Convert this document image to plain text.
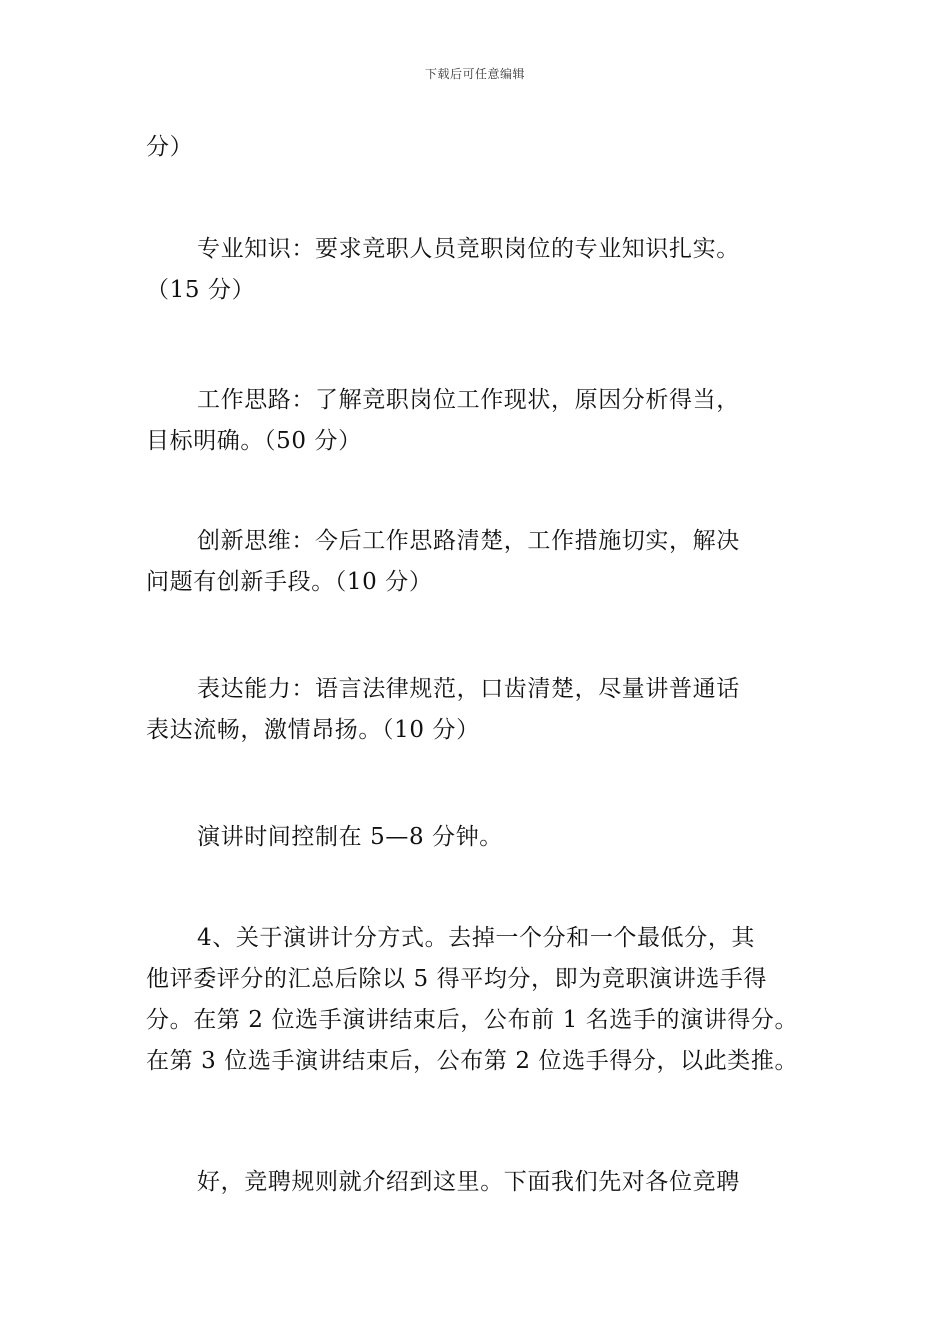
下载后可任意编辑
分）
专业知识：要求竞职人员竞职岗位的专业知识扎实。
（15 分）
工作思路：了解竞职岗位工作现状，原因分析得当，
目标明确。（50 分）
创新思维：今后工作思路清楚，工作措施切实，解决
问题有创新手段。（10 分）
表达能力：语言法律规范，口齿清楚，尽量讲普通话
表达流畅，激情昂扬。（10 分）
演讲时间控制在 5—8 分钟。
4、关于演讲计分方式。去掉一个分和一个最低分，其
他评委评分的汇总后除以 5 得平均分，即为竞职演讲选手得
分。在第 2 位选手演讲结束后，公布前 1 名选手的演讲得分。
在第 3 位选手演讲结束后，公布第 2 位选手得分，以此类推。
好，竞聘规则就介绍到这里。下面我们先对各位竞聘
